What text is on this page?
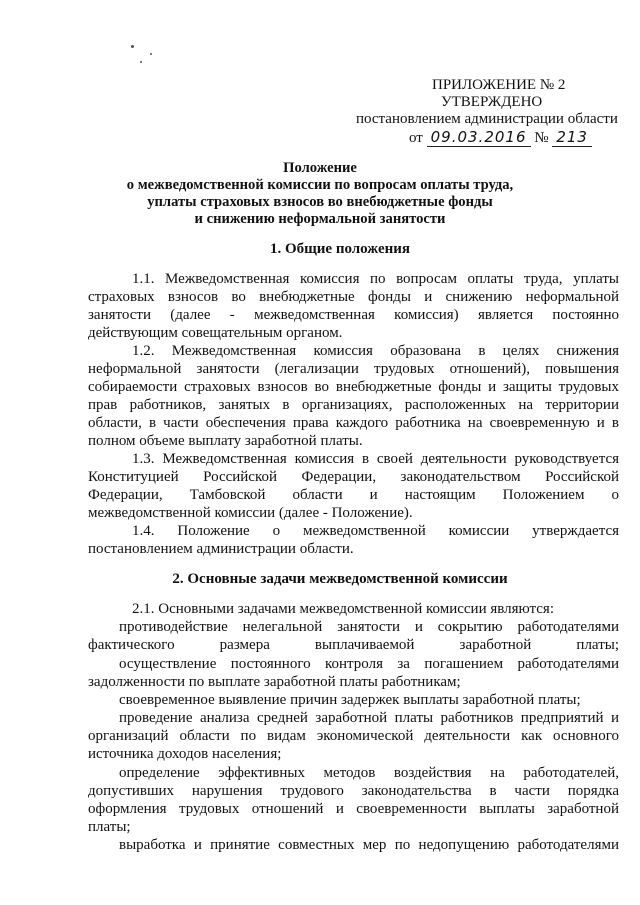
ПРИЛОЖЕНИЕ № 2
УТВЕРЖДЕНО
постановлением администрации области
от 09.03.2016 № 213
Положение
о межведомственной комиссии по вопросам оплаты труда,
уплаты страховых взносов во внебюджетные фонды
и снижению неформальной занятости
1. Общие положения
1.1. Межведомственная комиссия по вопросам оплаты труда, уплаты
страховых взносов во внебюджетные фонды и снижению неформальной
занятости (далее - межведомственная комиссия) является постоянно
действующим совещательным органом.
1.2. Межведомственная комиссия образована в целях снижения
неформальной занятости (легализации трудовых отношений), повышения
собираемости страховых взносов во внебюджетные фонды и защиты трудовых
прав работников, занятых в организациях, расположенных на территории
области, в части обеспечения права каждого работника на своевременную и в
полном объеме выплату заработной платы.
1.3. Межведомственная комиссия в своей деятельности руководствуется
Конституцией Российской Федерации, законодательством Российской
Федерации, Тамбовской области и настоящим Положением о
межведомственной комиссии (далее - Положение).
1.4. Положение о межведомственной комиссии утверждается
постановлением администрации области.
2. Основные задачи межведомственной комиссии
2.1. Основными задачами межведомственной комиссии являются:
противодействие нелегальной занятости и сокрытию работодателями
фактического размера выплачиваемой заработной платы;
осуществление постоянного контроля за погашением работодателями
задолженности по выплате заработной платы работникам;
своевременное выявление причин задержек выплаты заработной платы;
проведение анализа средней заработной платы работников предприятий и
организаций области по видам экономической деятельности как основного
источника доходов населения;
определение эффективных методов воздействия на работодателей,
допустивших нарушения трудового законодательства в части порядка
оформления трудовых отношений и своевременности выплаты заработной
платы;
выработка и принятие совместных мер по недопущению работодателями
